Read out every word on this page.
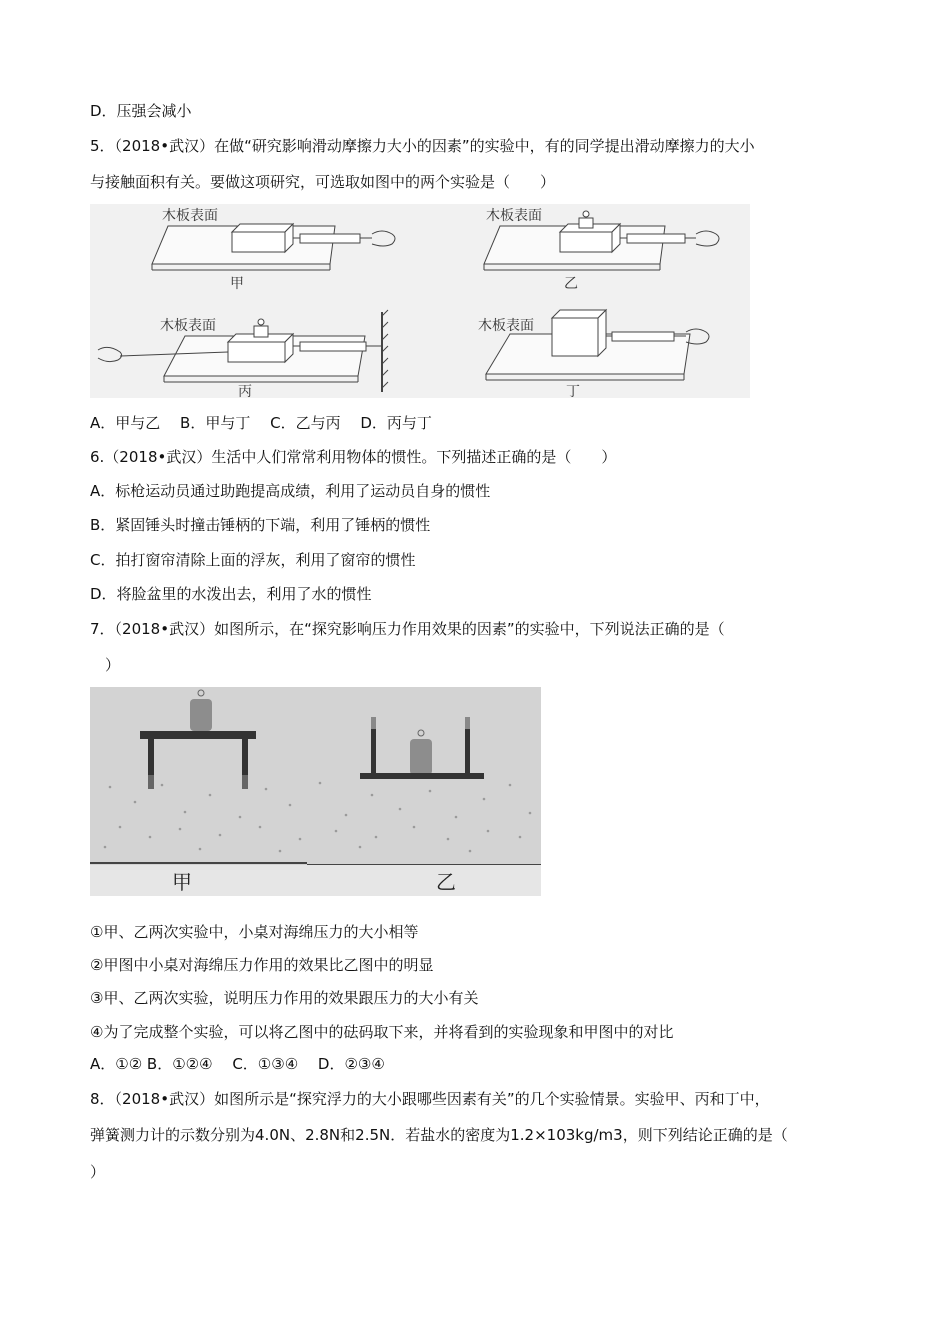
D．压强会减小
5．（2018•武汉）在做“研究影响滑动摩擦力大小的因素”的实验中，有的同学提出滑动摩擦力的大小
与接触面积有关。要做这项研究，可选取如图中的两个实验是（　　）
木板表面	木板表面
木板表面	木板表面
甲	乙
丙	丁
A．甲与乙　 B．甲与丁　 C．乙与丙　 D．丙与丁
6.（2018•武汉）生活中人们常常利用物体的惯性。下列描述正确的是（　　）
A．标枪运动员通过助跑提高成绩，利用了运动员自身的惯性
B．紧固锤头时撞击锤柄的下端，利用了锤柄的惯性
C．拍打窗帘清除上面的浮灰，利用了窗帘的惯性
D．将脸盆里的水泼出去，利用了水的惯性
7．（2018•武汉）如图所示，在“探究影响压力作用效果的因素”的实验中，下列说法正确的是（
　）
甲	乙
①甲、乙两次实验中，小桌对海绵压力的大小相等
②甲图中小桌对海绵压力作用的效果比乙图中的明显
③甲、乙两次实验，说明压力作用的效果跟压力的大小有关
④为了完成整个实验，可以将乙图中的砝码取下来，并将看到的实验现象和甲图中的对比
A．①② B．①②④　 C．①③④　 D．②③④
8．（2018•武汉）如图所示是“探究浮力的大小跟哪些因素有关”的几个实验情景。实验甲、丙和丁中，
弹簧测力计的示数分别为4.0N、2.8N和2.5N．若盐水的密度为1.2×103kg/m3，则下列结论正确的是（
）
